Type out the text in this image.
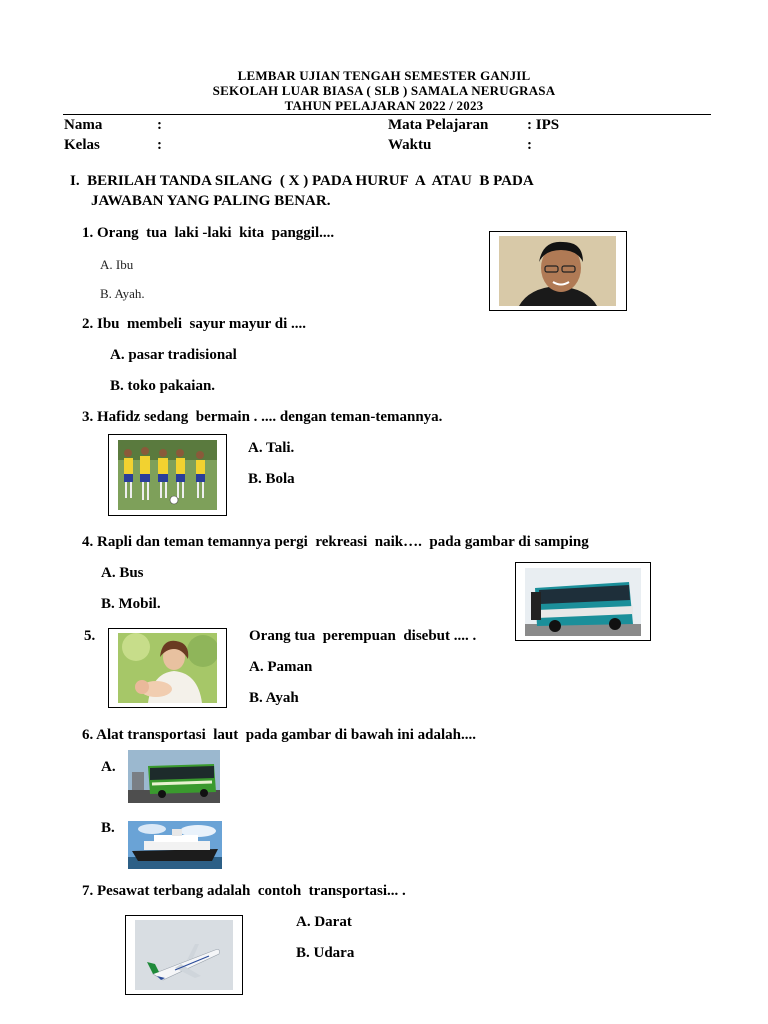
LEMBAR UJIAN TENGAH SEMESTER GANJIL
SEKOLAH LUAR BIASA ( SLB ) SAMALA NERUGRASA
TAHUN PELAJARAN 2022 / 2023
Nama	:	Mata Pelajaran	: IPS
Kelas	:	Waktu	:
I.  BERILAH TANDA SILANG  ( X ) PADA HURUF  A  ATAU  B PADA
JAWABAN YANG PALING BENAR.
1. Orang  tua  laki -laki  kita  panggil....
A. Ibu
B. Ayah.
2. Ibu  membeli  sayur mayur di ....
A. pasar tradisional
B. toko pakaian.
3. Hafidz sedang  bermain . .... dengan teman-temannya.
A. Tali.
B. Bola
4. Rapli dan teman temannya pergi  rekreasi  naik….  pada gambar di samping
A. Bus
B. Mobil.
5.	Orang tua  perempuan  disebut .... .
A. Paman
B. Ayah
6. Alat transportasi  laut  pada gambar di bawah ini adalah....
A.
B.
7. Pesawat terbang adalah  contoh  transportasi... .
A. Darat
B. Udara
